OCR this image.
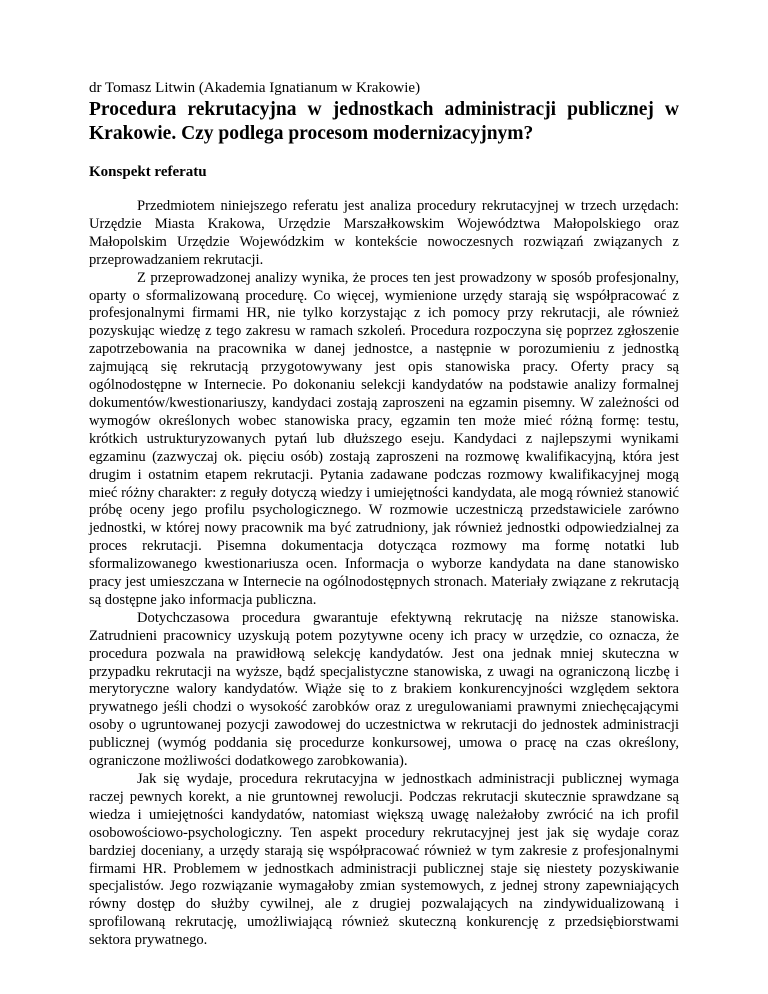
dr Tomasz Litwin (Akademia Ignatianum w Krakowie)

Procedura rekrutacyjna w jednostkach administracji publicznej w Krakowie. Czy podlega procesom modernizacyjnym?
Konspekt referatu

Przedmiotem niniejszego referatu jest analiza procedury rekrutacyjnej w trzech urzędach: Urzędzie Miasta Krakowa, Urzędzie Marszałkowskim Województwa Małopolskiego oraz Małopolskim Urzędzie Wojewódzkim w kontekście nowoczesnych rozwiązań związanych z przeprowadzaniem rekrutacji.

Z przeprowadzonej analizy wynika, że proces ten jest prowadzony w sposób profesjonalny, oparty o sformalizowaną procedurę. Co więcej, wymienione urzędy starają się współpracować z profesjonalnymi firmami HR, nie tylko korzystając z ich pomocy przy rekrutacji, ale również pozyskując wiedzę z tego zakresu w ramach szkoleń. Procedura rozpoczyna się poprzez zgłoszenie zapotrzebowania na pracownika w danej jednostce, a następnie w porozumieniu z jednostką zajmującą się rekrutacją przygotowywany jest opis stanowiska pracy. Oferty pracy są ogólnodostępne w Internecie. Po dokonaniu selekcji kandydatów na podstawie analizy formalnej dokumentów/kwestionariuszy, kandydaci zostają zaproszeni na egzamin pisemny. W zależności od wymogów określonych wobec stanowiska pracy, egzamin ten może mieć różną formę: testu, krótkich ustrukturyzowanych pytań lub dłuższego eseju. Kandydaci z najlepszymi wynikami egzaminu (zazwyczaj ok. pięciu osób) zostają zaproszeni na rozmowę kwalifikacyjną, która jest drugim i ostatnim etapem rekrutacji. Pytania zadawane podczas rozmowy kwalifikacyjnej mogą mieć różny charakter: z reguły dotyczą wiedzy i umiejętności kandydata, ale mogą również stanowić próbę oceny jego profilu psychologicznego. W rozmowie uczestniczą przedstawiciele zarówno jednostki, w której nowy pracownik ma być zatrudniony, jak również jednostki odpowiedzialnej za proces rekrutacji. Pisemna dokumentacja dotycząca rozmowy ma formę notatki lub sformalizowanego kwestionariusza ocen. Informacja o wyborze kandydata na dane stanowisko pracy jest umieszczana w Internecie na ogólnodostępnych stronach. Materiały związane z rekrutacją są dostępne jako informacja publiczna.

Dotychczasowa procedura gwarantuje efektywną rekrutację na niższe stanowiska. Zatrudnieni pracownicy uzyskują potem pozytywne oceny ich pracy w urzędzie, co oznacza, że procedura pozwala na prawidłową selekcję kandydatów. Jest ona jednak mniej skuteczna w przypadku rekrutacji na wyższe, bądź specjalistyczne stanowiska, z uwagi na ograniczoną liczbę i merytoryczne walory kandydatów. Wiąże się to z brakiem konkurencyjności względem sektora prywatnego jeśli chodzi o wysokość zarobków oraz z uregulowaniami prawnymi zniechęcającymi osoby o ugruntowanej pozycji zawodowej do uczestnictwa w rekrutacji do jednostek administracji publicznej (wymóg poddania się procedurze konkursowej, umowa o pracę na czas określony, ograniczone możliwości dodatkowego zarobkowania).

Jak się wydaje, procedura rekrutacyjna w jednostkach administracji publicznej wymaga raczej pewnych korekt, a nie gruntownej rewolucji. Podczas rekrutacji skutecznie sprawdzane są wiedza i umiejętności kandydatów, natomiast większą uwagę należałoby zwrócić na ich profil osobowościowo-psychologiczny. Ten aspekt procedury rekrutacyjnej jest jak się wydaje coraz bardziej doceniany, a urzędy starają się współpracować również w tym zakresie z profesjonalnymi firmami HR. Problemem w jednostkach administracji publicznej staje się niestety pozyskiwanie specjalistów. Jego rozwiązanie wymagałoby zmian systemowych, z jednej strony zapewniających równy dostęp do służby cywilnej, ale z drugiej pozwalających na zindywidualizowaną i sprofilowaną rekrutację, umożliwiającą również skuteczną konkurencję z przedsiębiorstwami sektora prywatnego.
